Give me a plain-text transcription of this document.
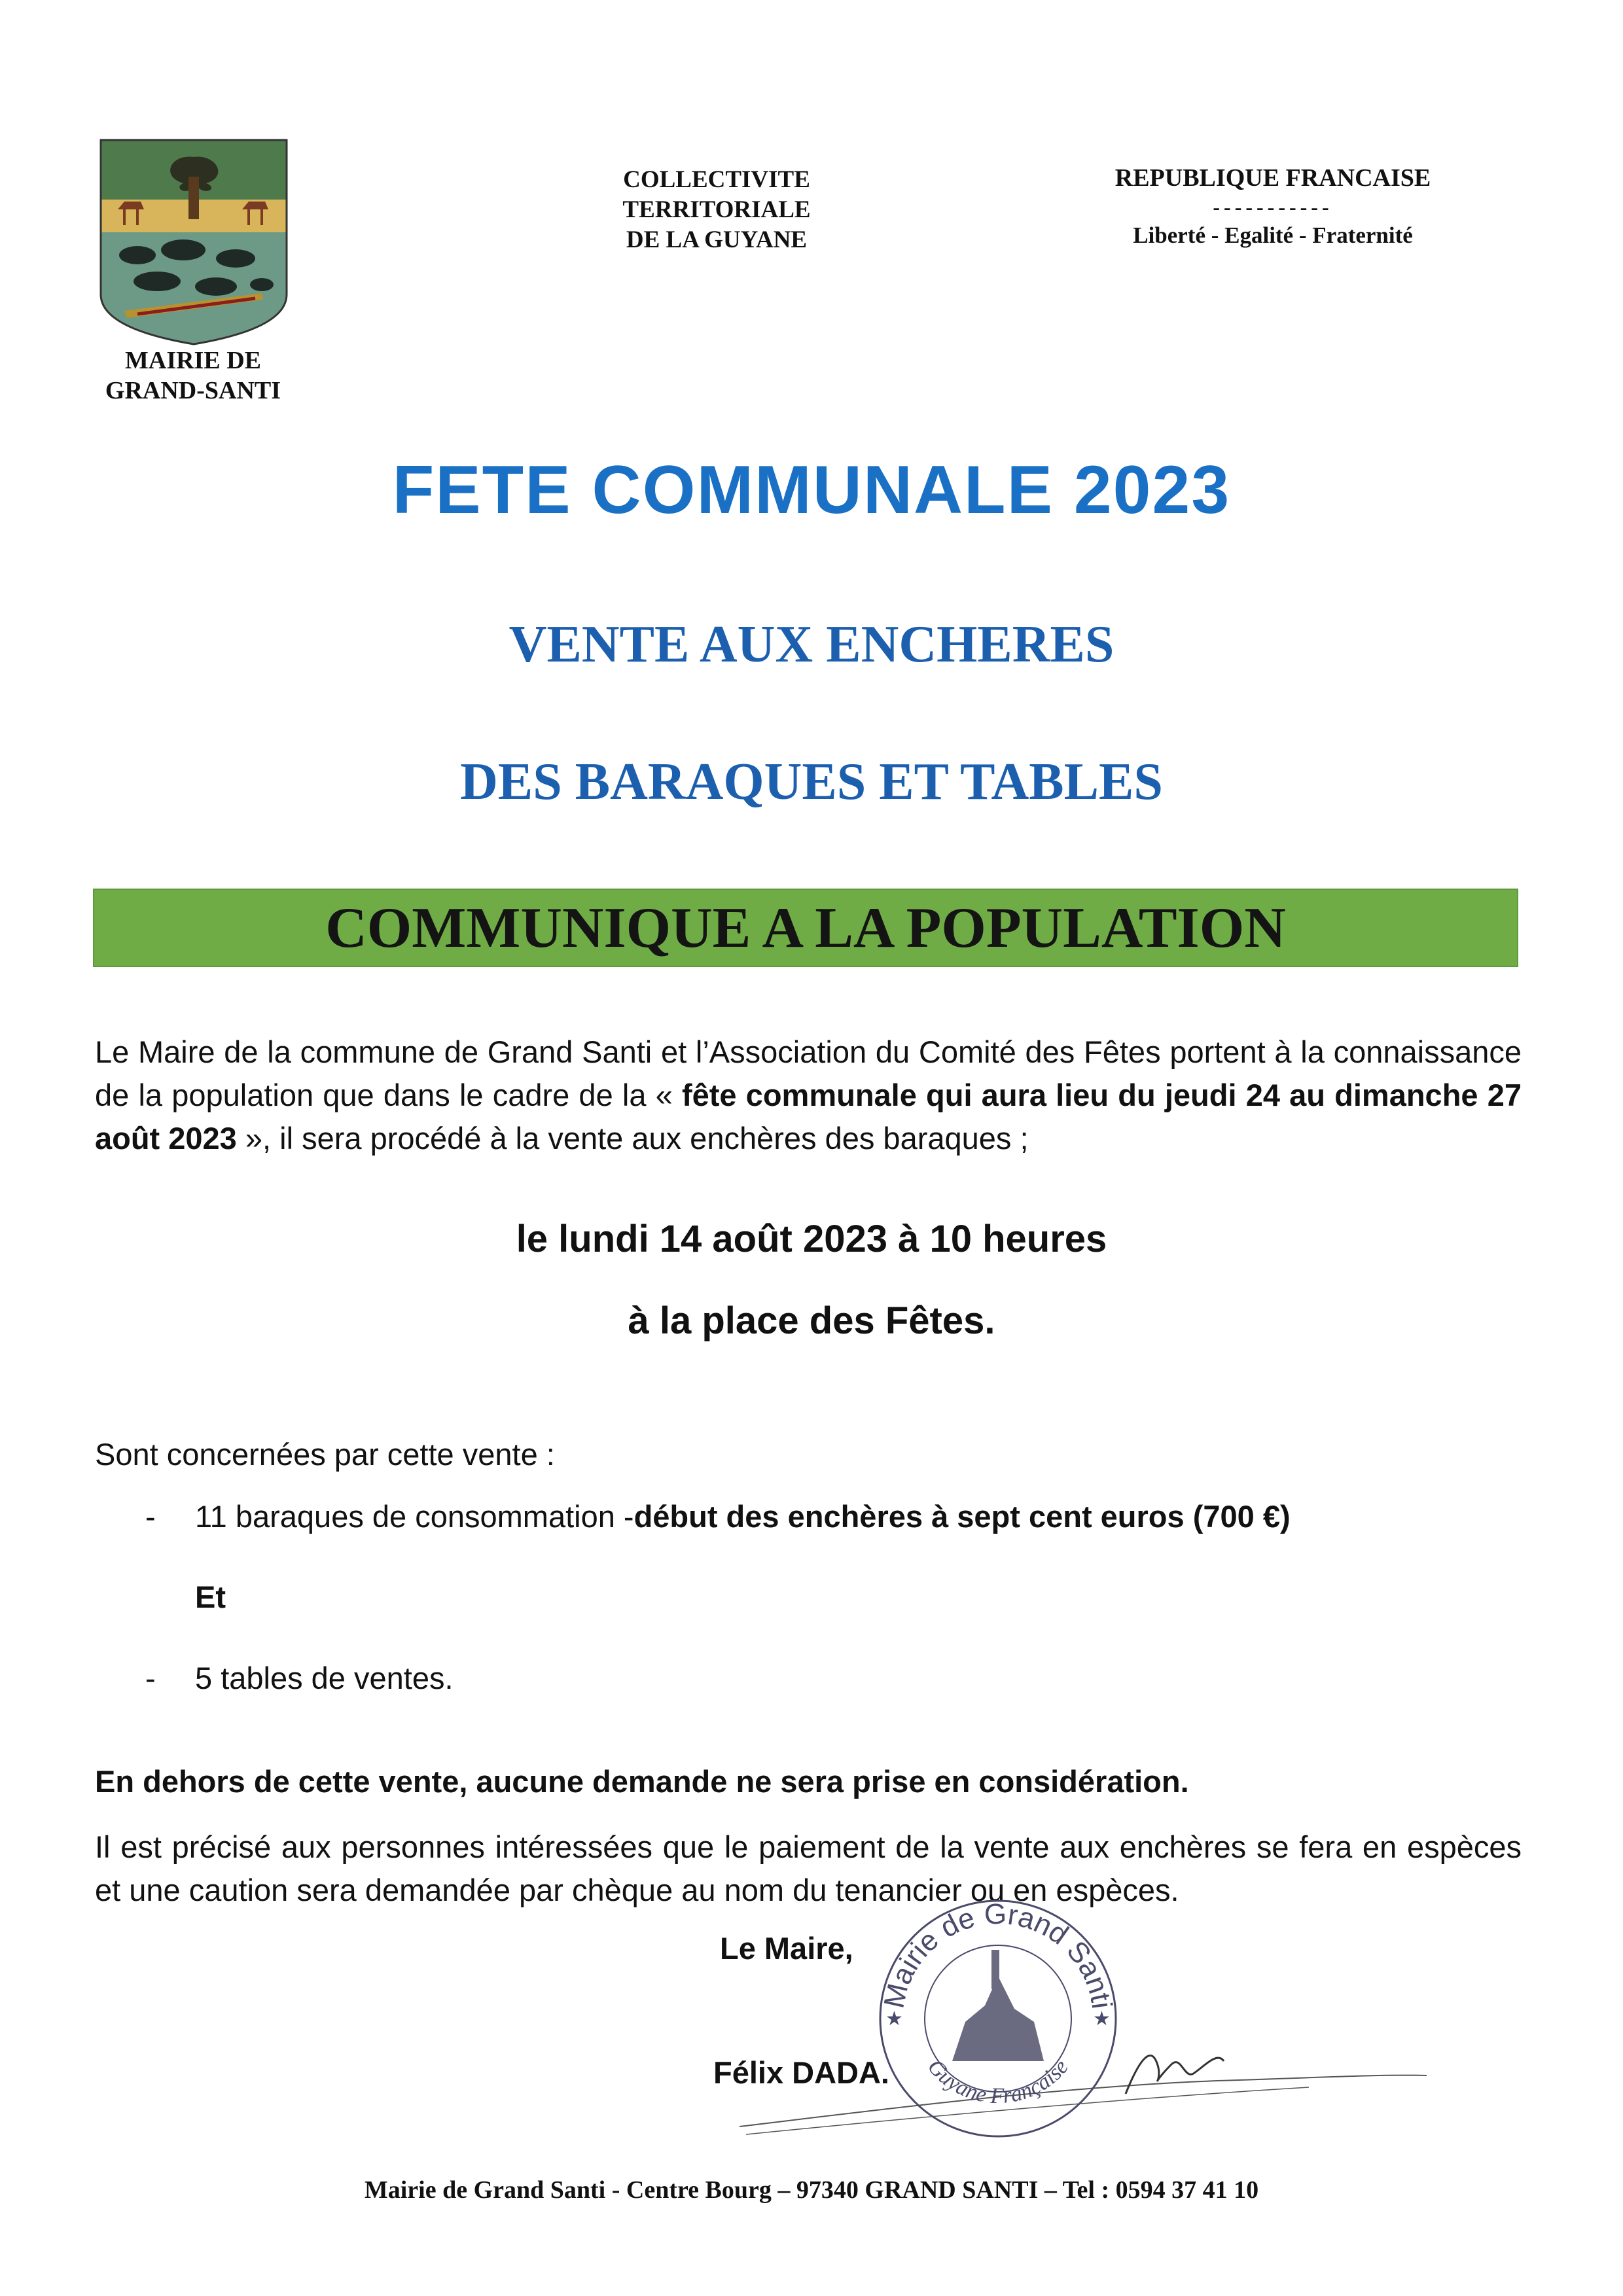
MAIRIE DE
GRAND-SANTI
COLLECTIVITE
TERRITORIALE
DE LA GUYANE
REPUBLIQUE FRANCAISE
-----------
Liberté - Egalité - Fraternité
FETE COMMUNALE 2023
VENTE AUX ENCHERES
DES BARAQUES ET TABLES
COMMUNIQUE A LA POPULATION
Le Maire de la commune de Grand Santi et l’Association du Comité des Fêtes portent à la connaissance de la population que dans le cadre de la « fête communale qui aura lieu du jeudi 24 au dimanche 27 août 2023 », il sera procédé à la vente aux enchères des baraques ;
le lundi 14 août 2023 à 10 heures
à la place des Fêtes.
Sont concernées par cette vente :
- 11 baraques de consommation -début des enchères à sept cent euros (700 €)
Et
- 5 tables de ventes.
En dehors de cette vente, aucune demande ne sera prise en considération.
Il est précisé aux personnes intéressées que le paiement de la vente aux enchères se fera en espèces et une caution sera demandée par chèque au nom du tenancier ou en espèces.
Le Maire,
Félix DADA.
Mairie de Grand Santi
Guyane Française
★	★
Mairie de Grand Santi - Centre Bourg – 97340 GRAND SANTI – Tel : 0594 37 41 10
